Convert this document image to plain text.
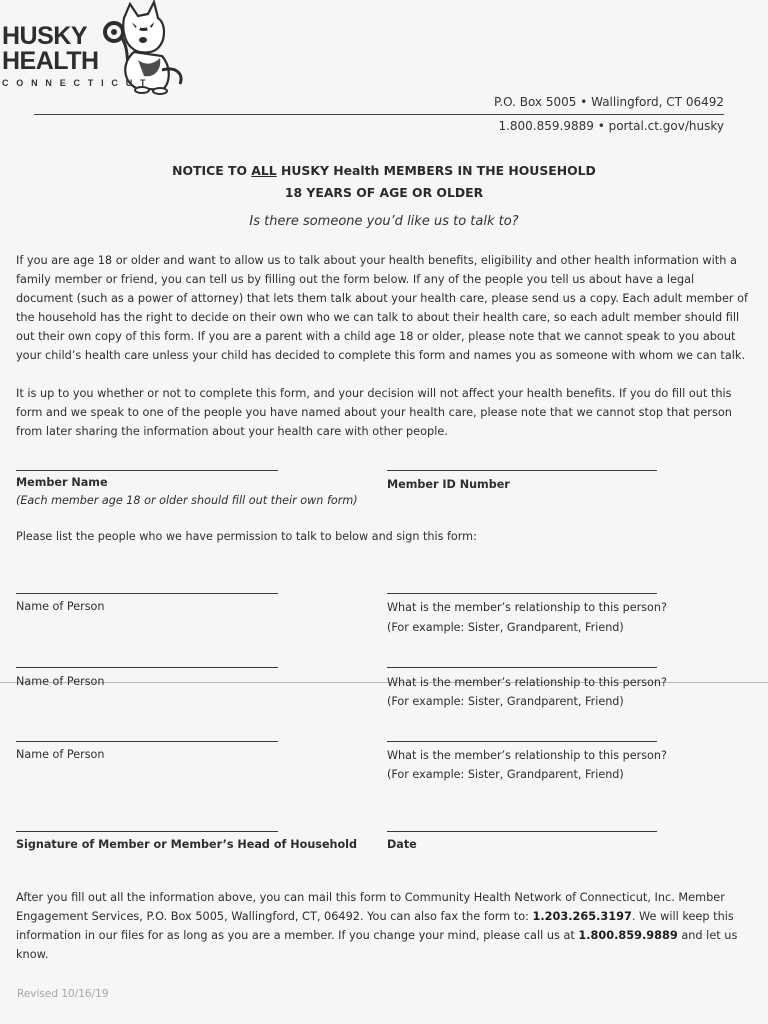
HUSKY
HEALTH
CONNECTICUT
P.O. Box 5005 • Wallingford, CT 06492
1.800.859.9889 • portal.ct.gov/husky
NOTICE TO ALL HUSKY Health MEMBERS IN THE HOUSEHOLD
18 YEARS OF AGE OR OLDER
Is there someone you’d like us to talk to?
If you are age 18 or older and want to allow us to talk about your health benefits, eligibility and other health information with a family member or friend, you can tell us by filling out the form below. If any of the people you tell us about have a legal document (such as a power of attorney) that lets them talk about your health care, please send us a copy. Each adult member of the household has the right to decide on their own who we can talk to about their health care, so each adult member should fill out their own copy of this form. If you are a parent with a child age 18 or older, please note that we cannot speak to you about your child’s health care unless your child has decided to complete this form and names you as someone with whom we can talk.
It is up to you whether or not to complete this form, and your decision will not affect your health benefits. If you do fill out this form and we speak to one of the people you have named about your health care, please note that we cannot stop that person from later sharing the information about your health care with other people.
Member Name
(Each member age 18 or older should fill out their own form)
Member ID Number
Please list the people who we have permission to talk to below and sign this form:
Name of Person	What is the member’s relationship to this person?
(For example: Sister, Grandparent, Friend)
Name of Person	What is the member’s relationship to this person?
(For example: Sister, Grandparent, Friend)
Name of Person	What is the member’s relationship to this person?
(For example: Sister, Grandparent, Friend)
Signature of Member or Member’s Head of Household	Date
After you fill out all the information above, you can mail this form to Community Health Network of Connecticut, Inc. Member Engagement Services, P.O. Box 5005, Wallingford, CT, 06492. You can also fax the form to: 1.203.265.3197. We will keep this information in our files for as long as you are a member. If you change your mind, please call us at 1.800.859.9889 and let us know.
Revised 10/16/19
